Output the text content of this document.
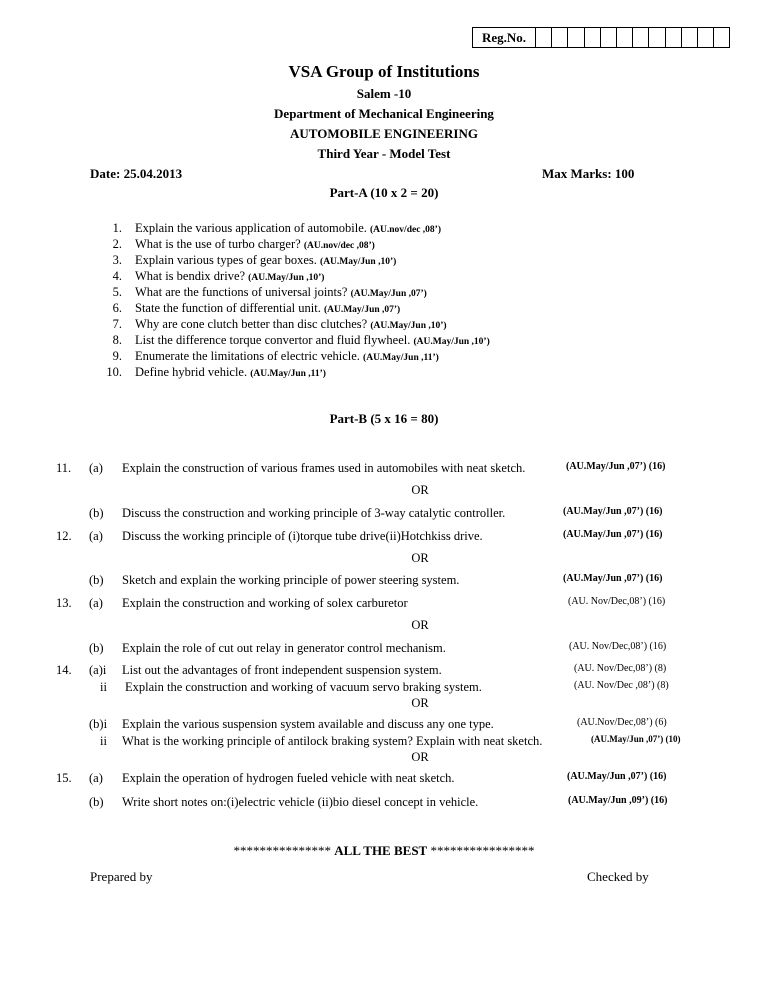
Reg.No.
VSA Group of Institutions
Salem -10
Department of Mechanical Engineering
AUTOMOBILE ENGINEERING
Third Year - Model Test
Date: 25.04.2013	Max Marks: 100
Part-A (10 x 2 = 20)
1. Explain the various application of automobile. (AU.nov/dec ,08’)
2. What is the use of turbo charger? (AU.nov/dec ,08’)
3. Explain various types of gear boxes. (AU.May/Jun ,10’)
4. What is bendix drive? (AU.May/Jun ,10’)
5. What are the functions of universal joints? (AU.May/Jun ,07’)
6. State the function of differential unit. (AU.May/Jun ,07’)
7. Why are cone clutch better than disc clutches? (AU.May/Jun ,10’)
8. List the difference torque convertor and fluid flywheel. (AU.May/Jun ,10’)
9. Enumerate the limitations of electric vehicle. (AU.May/Jun ,11’)
10. Define hybrid vehicle. (AU.May/Jun ,11’)
Part-B (5 x 16 = 80)
11. (a) Explain the construction of various frames used in automobiles with neat sketch.	(AU.May/Jun ,07’) (16)
OR
(b) Discuss the construction and working principle of 3-way catalytic controller.	(AU.May/Jun ,07’) (16)
12. (a) Discuss the working principle of (i)torque tube drive(ii)Hotchkiss drive.	(AU.May/Jun ,07’) (16)
OR
(b) Sketch and explain the working principle of power steering system.	(AU.May/Jun ,07’) (16)
13. (a) Explain the construction and working of solex carburetor	(AU. Nov/Dec,08’) (16)
OR
(b) Explain the role of cut out relay in generator control mechanism.	(AU. Nov/Dec,08’) (16)
14. (a)i List out the advantages of front independent suspension system.	(AU. Nov/Dec,08’) (8)
ii Explain the construction and working of vacuum servo braking system.	(AU. Nov/Dec ,08’) (8)
OR
(b)i Explain the various suspension system available and discuss any one type.	(AU.Nov/Dec,08’) (6)
ii What is the working principle of antilock braking system? Explain with neat sketch.	(AU.May/Jun ,07’) (10)
OR
15. (a) Explain the operation of hydrogen fueled vehicle with neat sketch.	(AU.May/Jun ,07’) (16)
(b) Write short notes on:(i)electric vehicle (ii)bio diesel concept in vehicle.	(AU.May/Jun ,09’) (16)
*************** ALL THE BEST ****************
Prepared by	Checked by
